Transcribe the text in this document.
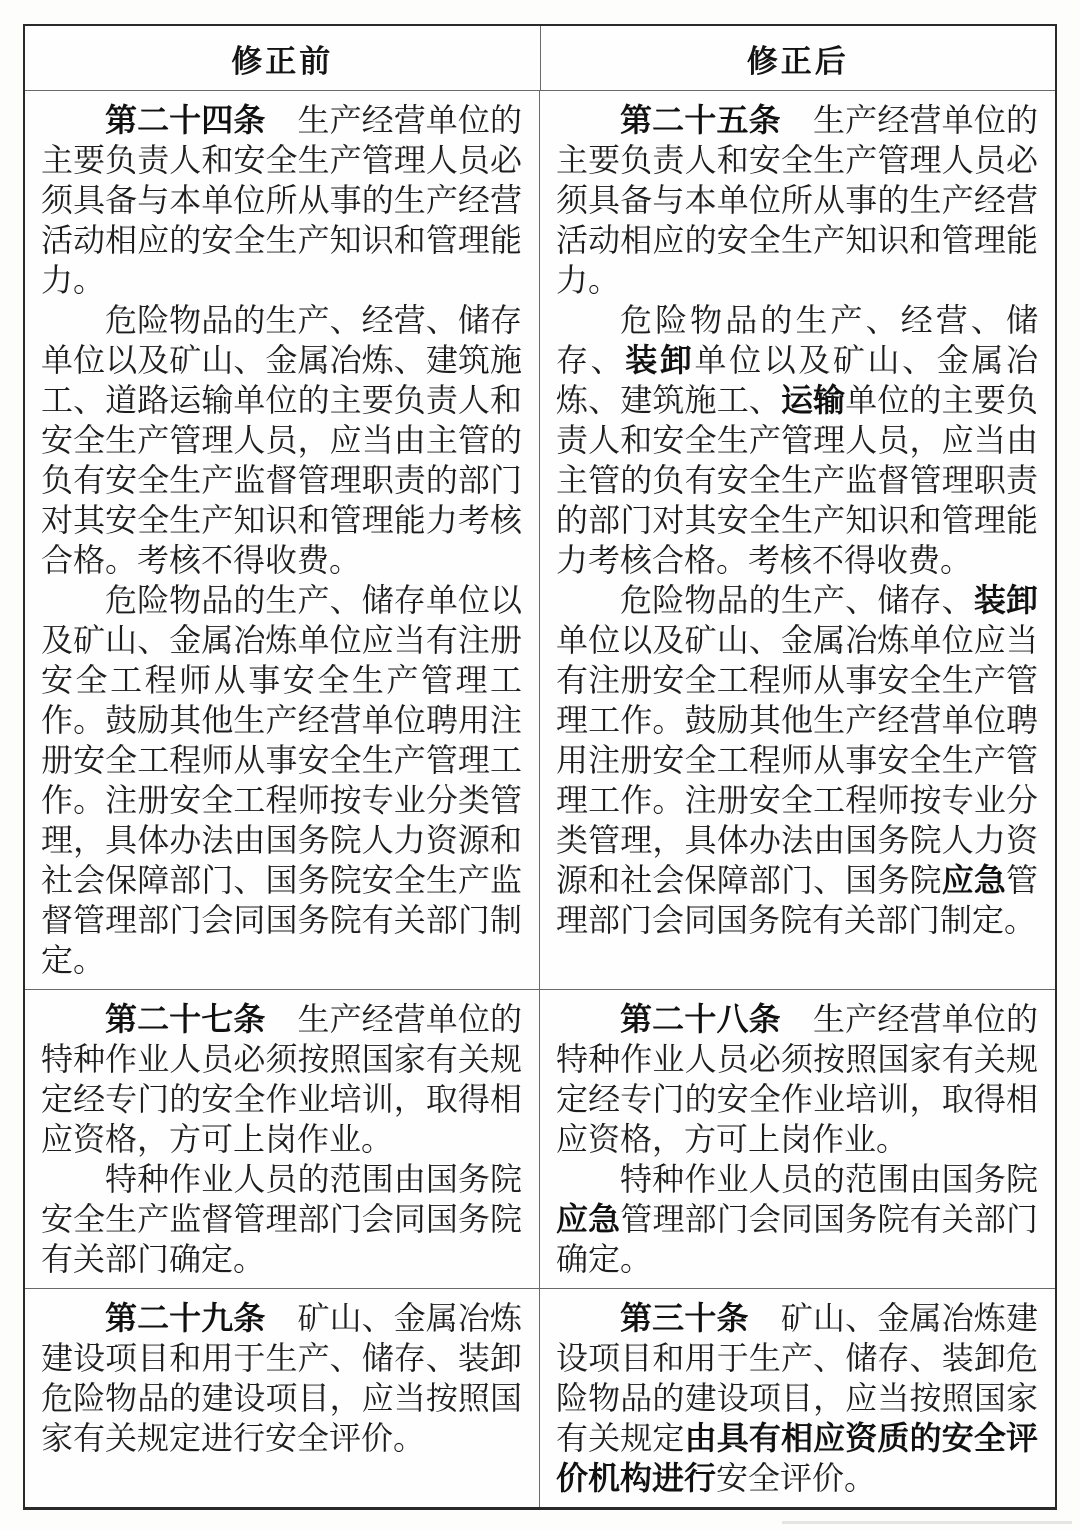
修正前	修正后

第二十四条　生产经营单位的主要负责人和安全生产管理人员必须具备与本单位所从事的生产经营活动相应的安全生产知识和管理能力。

危险物品的生产、经营、储存单位以及矿山、金属冶炼、建筑施工、道路运输单位的主要负责人和安全生产管理人员，应当由主管的负有安全生产监督管理职责的部门对其安全生产知识和管理能力考核合格。考核不得收费。

危险物品的生产、储存单位以及矿山、金属冶炼单位应当有注册安全工程师从事安全生产管理工作。鼓励其他生产经营单位聘用注册安全工程师从事安全生产管理工作。注册安全工程师按专业分类管理，具体办法由国务院人力资源和社会保障部门、国务院安全生产监督管理部门会同国务院有关部门制定。

第二十五条　生产经营单位的主要负责人和安全生产管理人员必须具备与本单位所从事的生产经营活动相应的安全生产知识和管理能力。

危险物品的生产、经营、储存、装卸单位以及矿山、金属冶炼、建筑施工、运输单位的主要负责人和安全生产管理人员，应当由主管的负有安全生产监督管理职责的部门对其安全生产知识和管理能力考核合格。考核不得收费。

危险物品的生产、储存、装卸单位以及矿山、金属冶炼单位应当有注册安全工程师从事安全生产管理工作。鼓励其他生产经营单位聘用注册安全工程师从事安全生产管理工作。注册安全工程师按专业分类管理，具体办法由国务院人力资源和社会保障部门、国务院应急管理部门会同国务院有关部门制定。

第二十七条　生产经营单位的特种作业人员必须按照国家有关规定经专门的安全作业培训，取得相应资格，方可上岗作业。

特种作业人员的范围由国务院安全生产监督管理部门会同国务院有关部门确定。

第二十八条　生产经营单位的特种作业人员必须按照国家有关规定经专门的安全作业培训，取得相应资格，方可上岗作业。

特种作业人员的范围由国务院应急管理部门会同国务院有关部门确定。

第二十九条　矿山、金属冶炼建设项目和用于生产、储存、装卸危险物品的建设项目，应当按照国家有关规定进行安全评价。

第三十条　矿山、金属冶炼建设项目和用于生产、储存、装卸危险物品的建设项目，应当按照国家有关规定由具有相应资质的安全评价机构进行安全评价。
